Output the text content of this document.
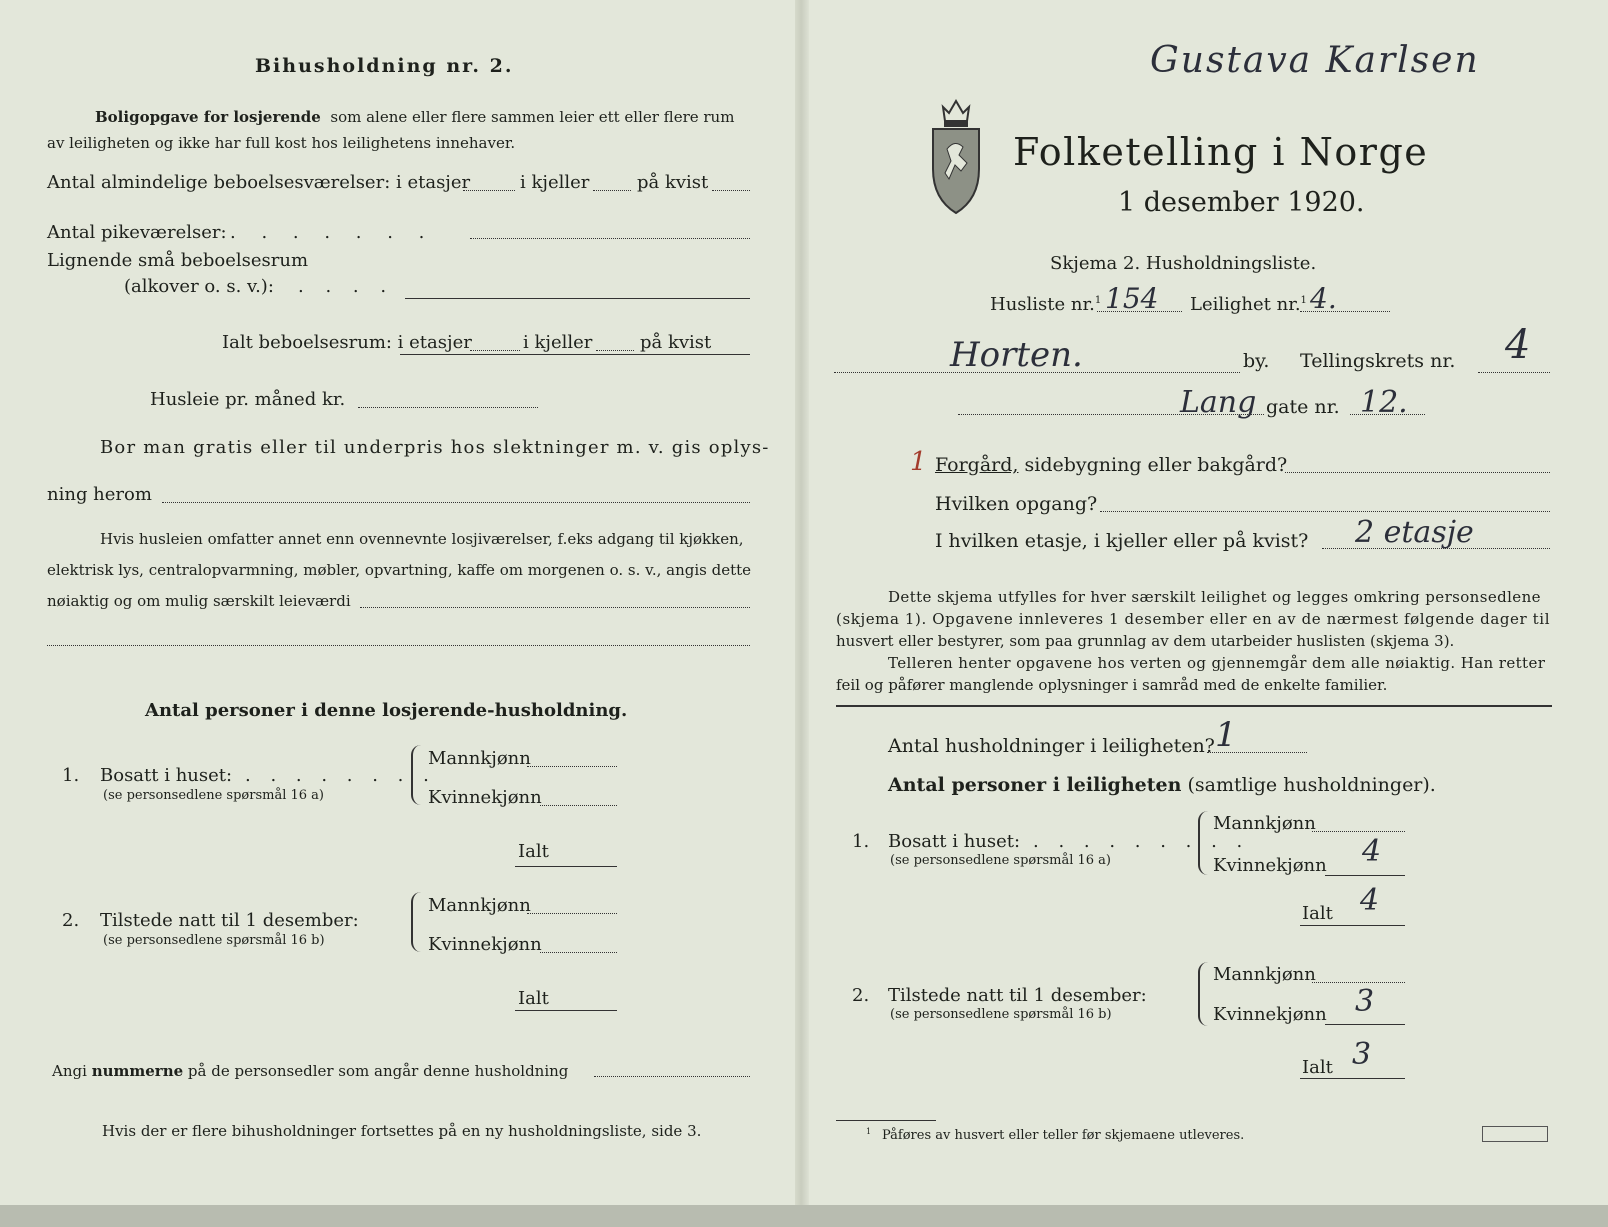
Bihusholdning nr. 2.
Boligopgave for losjerende som alene eller flere sammen leier ett eller flere rum
av leiligheten og ikke har full kost hos leilighetens innehaver.
Antal almindelige beboelsesværelser: i etasjer	i kjeller	på kvist
Antal pikeværelser: . . . . . . .
Lignende små beboelsesrum
(alkover o. s. v.): . . . .
Ialt beboelsesrum: i etasjer	i kjeller	på kvist
Husleie pr. måned kr.
Bor man gratis eller til underpris hos slektninger m. v. gis oplys-
ning herom
Hvis husleien omfatter annet enn ovennevnte losjiværelser, f.eks adgang til kjøkken,
elektrisk lys, centralopvarmning, møbler, opvartning, kaffe om morgenen o. s. v., angis dette
nøiaktig og om mulig særskilt leieværdi
Antal personer i denne losjerende-husholdning.
1. Bosatt i huset: . . . . . . . .
(se personsedlene spørsmål 16 a)
Mannkjønn
Kvinnekjønn
Ialt
2. Tilstede natt til 1 desember:
(se personsedlene spørsmål 16 b)
Mannkjønn
Kvinnekjønn
Ialt
Angi nummerne på de personsedler som angår denne husholdning
Hvis der er flere bihusholdninger fortsettes på en ny husholdningsliste, side 3.
Gustava Karlsen
Folketelling i Norge
1 desember 1920.
Skjema 2. Husholdningsliste.
Husliste nr.$^1$ 154 Leilighet nr.$^1$ 4.
Horten.	by. Tellingskrets nr. 4
Lang gate nr. 12.
1 Forgård, sidebygning eller bakgård?
Hvilken opgang?
I hvilken etasje, i kjeller eller på kvist? 2 etasje
Dette skjema utfylles for hver særskilt leilighet og legges omkring personsedlene
(skjema 1). Opgavene innleveres 1 desember eller en av de nærmest følgende dager til
husvert eller bestyrer, som paa grunnlag av dem utarbeider huslisten (skjema 3).
Telleren henter opgavene hos verten og gjennemgår dem alle nøiaktig. Han retter
feil og påfører manglende oplysninger i samråd med de enkelte familier.
Antal husholdninger i leiligheten? 1
Antal personer i leiligheten (samtlige husholdninger).
1. Bosatt i huset: . . . . . . . . .
(se personsedlene spørsmål 16 a)
Mannkjønn
Kvinnekjønn 4
Ialt 4
2. Tilstede natt til 1 desember:
(se personsedlene spørsmål 16 b)
Mannkjønn
Kvinnekjønn 3
Ialt 3
1 Påføres av husvert eller teller før skjemaene utleveres.
